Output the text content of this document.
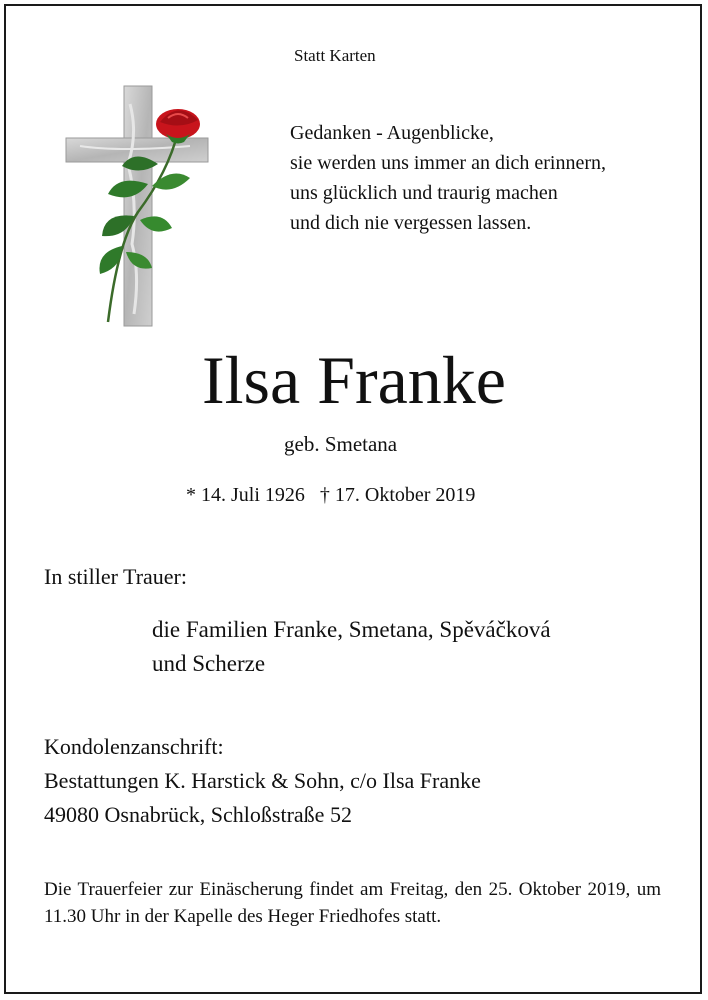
Statt Karten
Gedanken - Augenblicke,
sie werden uns immer an dich erinnern,
uns glücklich und traurig machen
und dich nie vergessen lassen.
Ilsa Franke
geb. Smetana
* 14. Juli 1926   † 17. Oktober 2019
In stiller Trauer:
die Familien Franke, Smetana, Spěváčková
und Scherze
Kondolenzanschrift:
Bestattungen K. Harstick & Sohn, c/o Ilsa Franke
49080 Osnabrück, Schloßstraße 52
Die Trauerfeier zur Einäscherung findet am Freitag, den 25. Oktober 2019, um 11.30 Uhr in der Kapelle des Heger Friedhofes statt.
